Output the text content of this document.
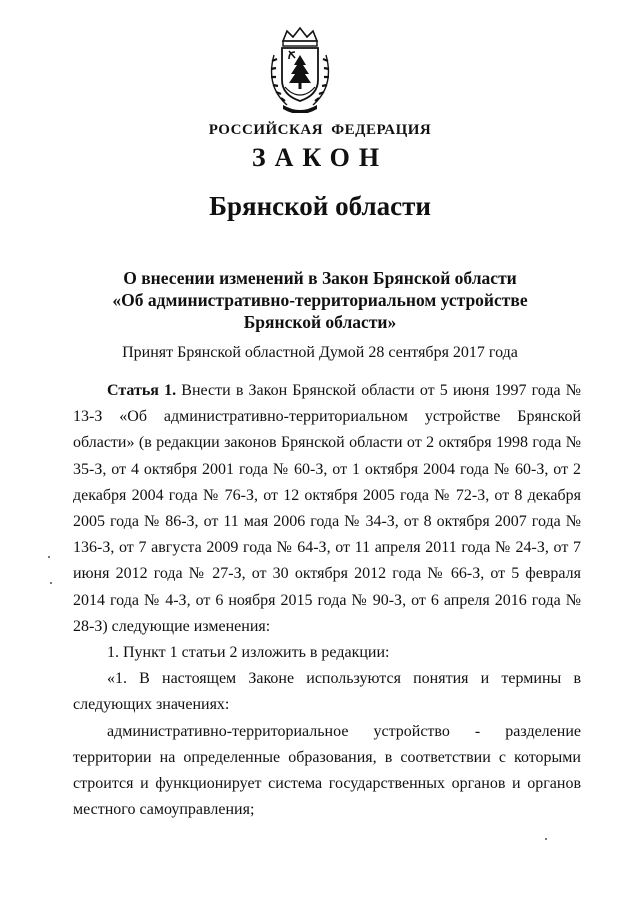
РОССИЙСКАЯ ФЕДЕРАЦИЯ
ЗАКОН
Брянской области
О внесении изменений в Закон Брянской области
«Об административно-территориальном устройстве
Брянской области»
Принят Брянской областной Думой 28 сентября 2017 года

Статья 1. Внести в Закон Брянской области от 5 июня 1997 года № 13-З «Об административно-территориальном устройстве Брянской области» (в редакции законов Брянской области от 2 октября 1998 года № 35-З, от 4 октября 2001 года № 60-З, от 1 октября 2004 года № 60-З, от 2 декабря 2004 года № 76-З, от 12 октября 2005 года № 72-З, от 8 декабря 2005 года № 86-З, от 11 мая 2006 года № 34-З, от 8 октября 2007 года № 136-З, от 7 августа 2009 года № 64-З, от 11 апреля 2011 года № 24-З, от 7 июня 2012 года № 27-З, от 30 октября 2012 года № 66-З, от 5 февраля 2014 года № 4-З, от 6 ноября 2015 года № 90-З, от 6 апреля 2016 года № 28-З) следующие изменения:

1. Пункт 1 статьи 2 изложить в редакции:

«1. В настоящем Законе используются понятия и термины в следующих значениях:

административно-территориальное устройство - разделение территории на определенные образования, в соответствии с которыми строится и функционирует система государственных органов и органов местного самоуправления;
